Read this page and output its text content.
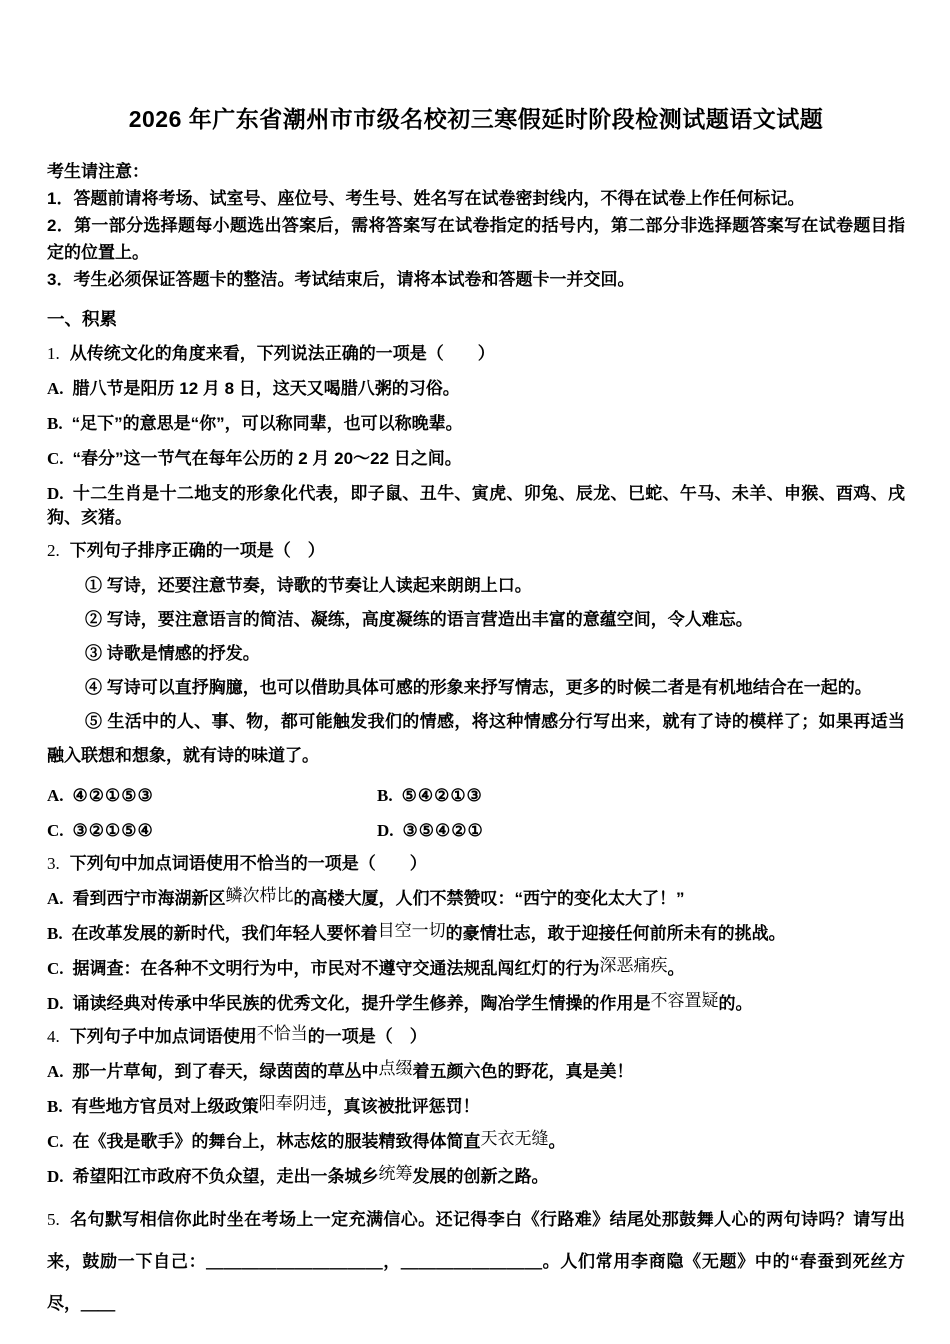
2026 年广东省潮州市市级名校初三寒假延时阶段检测试题语文试题
考生请注意：
1．答题前请将考场、试室号、座位号、考生号、姓名写在试卷密封线内，不得在试卷上作任何标记。
2．第一部分选择题每小题选出答案后，需将答案写在试卷指定的括号内，第二部分非选择题答案写在试卷题目指定的位置上。
3．考生必须保证答题卡的整洁。考试结束后，请将本试卷和答题卡一并交回。
一、积累
1. 从传统文化的角度来看，下列说法正确的一项是（　　）
A. 腊八节是阳历 12 月 8 日，这天又喝腊八粥的习俗。
B. “足下”的意思是“你”，可以称同辈，也可以称晚辈。
C. “春分”这一节气在每年公历的 2 月 20～22 日之间。
D. 十二生肖是十二地支的形象化代表，即子鼠、丑牛、寅虎、卯兔、辰龙、巳蛇、午马、未羊、申猴、酉鸡、戌狗、亥猪。
2. 下列句子排序正确的一项是（　）
① 写诗，还要注意节奏，诗歌的节奏让人读起来朗朗上口。
② 写诗，要注意语言的简洁、凝练，高度凝练的语言营造出丰富的意蕴空间，令人难忘。
③ 诗歌是情感的抒发。
④ 写诗可以直抒胸臆，也可以借助具体可感的形象来抒写情志，更多的时候二者是有机地结合在一起的。
⑤ 生活中的人、事、物，都可能触发我们的情感，将这种情感分行写出来，就有了诗的模样了；如果再适当融入联想和想象，就有诗的味道了。
A. ④②①⑤③	B. ⑤④②①③
C. ③②①⑤④	D. ③⑤④②①
3. 下列句中加点词语使用不恰当的一项是（　　）
A. 看到西宁市海湖新区鳞次栉比的高楼大厦，人们不禁赞叹：“西宁的变化太大了！”
B. 在改革发展的新时代，我们年轻人要怀着目空一切的豪情壮志，敢于迎接任何前所未有的挑战。
C. 据调查：在各种不文明行为中，市民对不遵守交通法规乱闯红灯的行为深恶痛疾。
D. 诵读经典对传承中华民族的优秀文化，提升学生修养，陶冶学生情操的作用是不容置疑的。
4. 下列句子中加点词语使用不恰当的一项是（　）
A. 那一片草甸，到了春天，绿茵茵的草丛中点缀着五颜六色的野花，真是美！
B. 有些地方官员对上级政策阳奉阴违，真该被批评惩罚！
C. 在《我是歌手》的舞台上，林志炫的服装精致得体简直天衣无缝。
D. 希望阳江市政府不负众望，走出一条城乡统筹发展的创新之路。
5. 名句默写相信你此时坐在考场上一定充满信心。还记得李白《行路难》结尾处那鼓舞人心的两句诗吗？请写出来，鼓励一下自己：＿＿＿＿＿＿＿＿＿＿，＿＿＿＿＿＿＿＿。人们常用李商隐《无题》中的“春蚕到死丝方尽，＿＿
